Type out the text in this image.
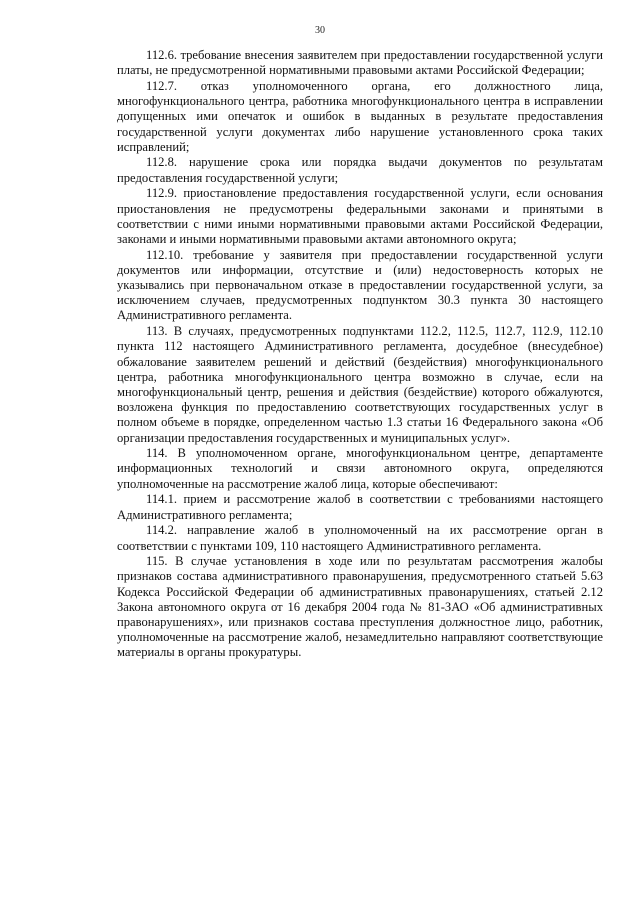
30

112.6. требование внесения заявителем при предоставлении государственной услуги платы, не предусмотренной нормативными правовыми актами Российской Федерации;

112.7. отказ уполномоченного органа, его должностного лица, многофункционального центра, работника многофункционального центра в исправлении допущенных ими опечаток и ошибок в выданных в результате предоставления государственной услуги документах либо нарушение установленного срока таких исправлений;

112.8. нарушение срока или порядка выдачи документов по результатам предоставления государственной услуги;

112.9. приостановление предоставления государственной услуги, если основания приостановления не предусмотрены федеральными законами и принятыми в соответствии с ними иными нормативными правовыми актами Российской Федерации, законами и иными нормативными правовыми актами автономного округа;

112.10. требование у заявителя при предоставлении государственной услуги документов или информации, отсутствие и (или) недостоверность которых не указывались при первоначальном отказе в предоставлении государственной услуги, за исключением случаев, предусмотренных подпунктом 30.3 пункта 30 настоящего Административного регламента.

113. В случаях, предусмотренных подпунктами 112.2, 112.5, 112.7, 112.9, 112.10 пункта 112 настоящего Административного регламента, досудебное (внесудебное) обжалование заявителем решений и действий (бездействия) многофункционального центра, работника многофункционального центра возможно в случае, если на многофункциональный центр, решения и действия (бездействие) которого обжалуются, возложена функция по предоставлению соответствующих государственных услуг в полном объеме в порядке, определенном частью 1.3 статьи 16 Федерального закона «Об организации предоставления государственных и муниципальных услуг».

114. В уполномоченном органе, многофункциональном центре, департаменте информационных технологий и связи автономного округа, определяются уполномоченные на рассмотрение жалоб лица, которые обеспечивают:

114.1. прием и рассмотрение жалоб в соответствии с требованиями настоящего Административного регламента;

114.2. направление жалоб в уполномоченный на их рассмотрение орган в соответствии с пунктами 109, 110 настоящего Административного регламента.

115. В случае установления в ходе или по результатам рассмотрения жалобы признаков состава административного правонарушения, предусмотренного статьей 5.63 Кодекса Российской Федерации об административных правонарушениях, статьей 2.12 Закона автономного округа от 16 декабря 2004 года № 81-ЗАО «Об административных правонарушениях», или признаков состава преступления должностное лицо, работник, уполномоченные на рассмотрение жалоб, незамедлительно направляют соответствующие материалы в органы прокуратуры.
